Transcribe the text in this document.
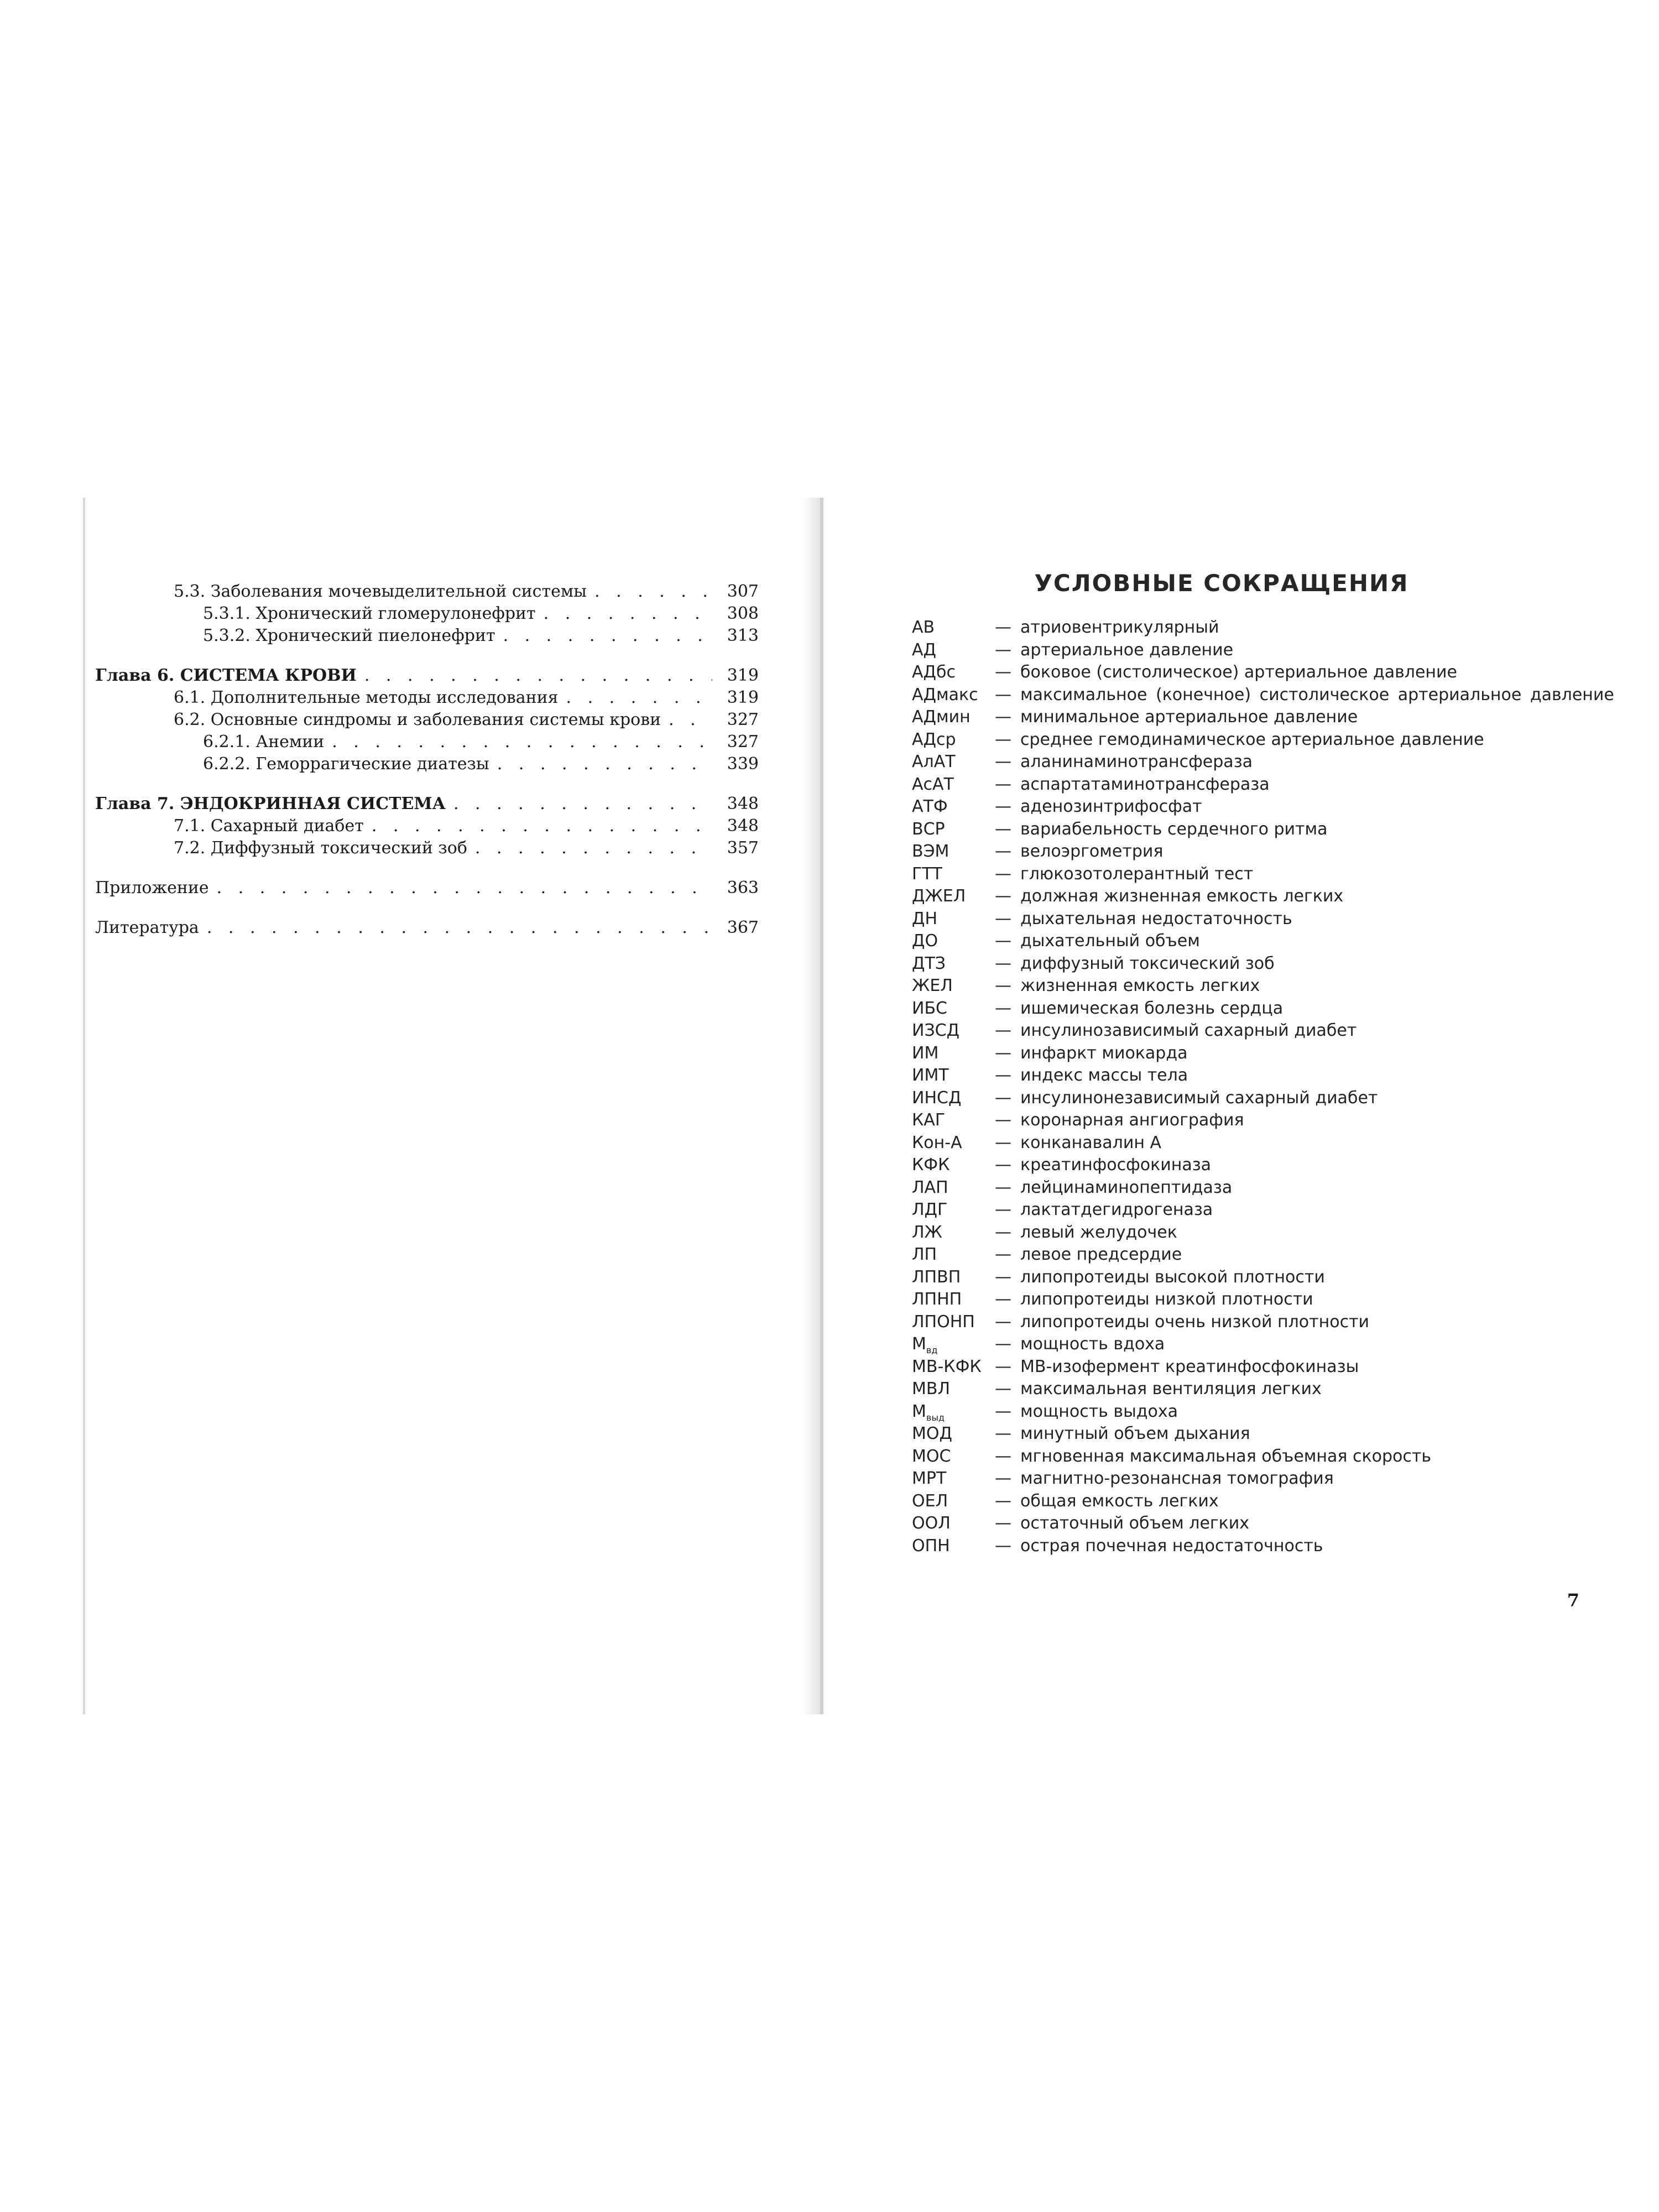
5.3. Заболевания мочевыделительной системы . . .	307
5.3.1. Хронический гломерулонефрит . . .	308
5.3.2. Хронический пиелонефрит . . .	313
Глава 6. СИСТЕМА КРОВИ . . .	319
6.1. Дополнительные методы исследования . . .	319
6.2. Основные синдромы и заболевания системы крови . . .	327
6.2.1. Анемии . . .	327
6.2.2. Геморрагические диатезы . . .	339
Глава 7. ЭНДОКРИННАЯ СИСТЕМА . . .	348
7.1. Сахарный диабет . . .	348
7.2. Диффузный токсический зоб . . .	357
Приложение . . .	363
Литература . . .	367
УСЛОВНЫЕ СОКРАЩЕНИЯ
АВ	— атриовентрикулярный
АД	— артериальное давление
АДбс	— боковое (систолическое) артериальное давление
АДмакс	— максимальное (конечное) систолическое артериальное давление
АДмин	— минимальное артериальное давление
АДср	— среднее гемодинамическое артериальное давление
АлАТ	— аланинаминотрансфераза
АсАТ	— аспартатаминотрансфераза
АТФ	— аденозинтрифосфат
ВСР	— вариабельность сердечного ритма
ВЭМ	— велоэргометрия
ГТТ	— глюкозотолерантный тест
ДЖЕЛ	— должная жизненная емкость легких
ДН	— дыхательная недостаточность
ДО	— дыхательный объем
ДТЗ	— диффузный токсический зоб
ЖЕЛ	— жизненная емкость легких
ИБС	— ишемическая болезнь сердца
ИЗСД	— инсулинозависимый сахарный диабет
ИМ	— инфаркт миокарда
ИМТ	— индекс массы тела
ИНСД	— инсулинонезависимый сахарный диабет
КАГ	— коронарная ангиография
Кон-А	— конканавалин А
КФК	— креатинфосфокиназа
ЛАП	— лейцинаминопептидаза
ЛДГ	— лактатдегидрогеназа
ЛЖ	— левый желудочек
ЛП	— левое предсердие
ЛПВП	— липопротеиды высокой плотности
ЛПНП	— липопротеиды низкой плотности
ЛПОНП	— липопротеиды очень низкой плотности
$М_{вд}$	— мощность вдоха
МВ-КФК — МВ-изофермент креатинфосфокиназы
МВЛ	— максимальная вентиляция легких
$М_{выд}$	— мощность выдоха
МОД	— минутный объем дыхания
МОС	— мгновенная максимальная объемная скорость
МРТ	— магнитно-резонансная томография
ОЕЛ	— общая емкость легких
ООЛ	— остаточный объем легких
ОПН	— острая почечная недостаточность
7
